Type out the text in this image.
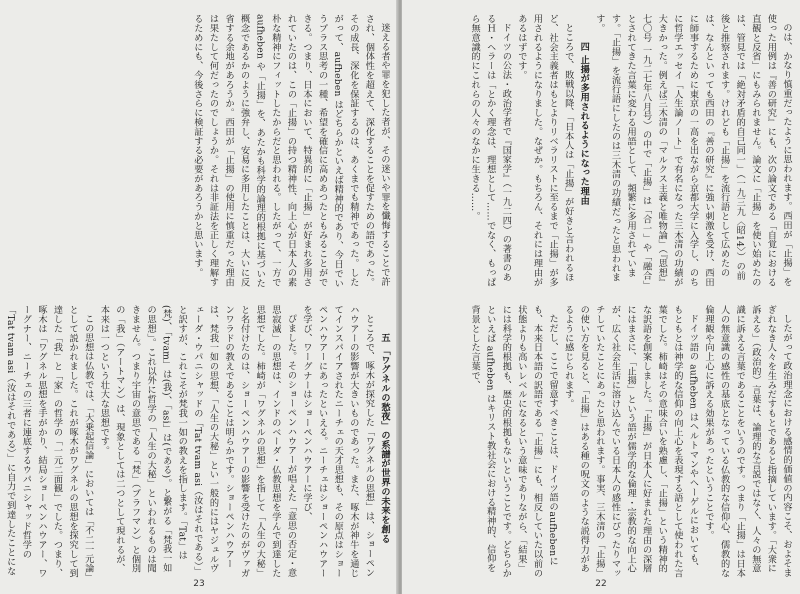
迷える者や罪を犯した者が、その迷いや罪を懺悔することで許され、個体性を超えて、深化することを促すための語であった。その成長、深化を保証するのは、あくまでも精神であった。したがって、aufheben はどちらかといえば精神的であり、今日でいうプラス思考の一種、希望を確信に高めあつたともみることができる。つまり、日本において、特異的に「止揚」が好まれ多用されていたのは、この「止揚」の持つ精神性、向上心が日本人の素朴な精神にフィットしたからだと思われる。したがって、一方で aufheben や「止揚」を、あたかも科学的論理的根拠に基づいた概念であるかのように強弁し、安易に多用したことは、大いに反省する余地があろうか。西田が「止揚」の使用に慎重だった理由は果たして何だったのでしょうか。それは非証法を正しく理解するためにも、今後さらに検証する必要があろうかと思います。

五 「ワグネルの愁夜」の系譜が世界の未来を創る

ところで、啄木が探究した「ワグネルの思想」は、ショーペンハウアーの影響が大きいものであった。また、啄木が神牛を通じてインスパイアされたニーチェの天才思想も、その原点はショーペンハウアーにあったといえる。ニーチェはショーペンハウアーを学び、ワーグナーはショーペンハウアーに学び、

ぴました。そのショーペンハウアーが唱えた「意思の否定・意思寂滅」の思想は、インドのベーダ・仏教思想を学んで到達した思想でした。柿崎が「ワグネルの思想」を指して「人生の大秘」と名付けたのは、ショーペンハウアーの影響を受けたのがヴァガンワラドの教えであることは明らかです。ショーペンハウアーは、梵我一如の思想、「人生の大秘」とい一般的にはヤジュルヴェーダ・ウパニシャッドの「Tat tvam asi（汝はそれである）」と訳すが、これこそが梵我一如の教えを指します。「Tat」は(梵)、「tvam」は(我)、「asi」は(である)。と繋がる「梵我一如の思想」。これ以外に哲学の「人生の大秘」といわれるものは聞きません。つまり宇宙の意思である「梵」（ブラフマン）と個別の「我」（アートマン）は、現象としては二つとして現れるが、本来は一つという壮大な思想です。

この思想は仏教では、「大乗起信論」においては「不二一元論」として説かれました。これが啄木がワグネルの思想を探究して到達した「我」と「家」の哲学の「一元二面観」でした。つまり、啄木は「ワグネル思想を手がかり、結局ショーペンハウアー、ワーグナー、ニーチェの三者に連底するウパニシャッド哲学の「Tat tvam asi（汝はそれである）」に自力で到達したことにな

23

のは、かなり慎重だったように思われます。西田が「止揚」を使った用例は『善の研究』にも、次の論文である「自覚における直観と反省」にもみられません。論文に「止揚」を使い始めたのは、管見では「絶対矛盾的自己同一」（一九三九〈昭14〉）の前後と推察されます。けれども「止揚」を流行語として広めたのは、なんといっても西田の『善の研究』に強い刺激を受け、西田に師事するために東京の一高を出ながら京都大学に入学し、のちに哲学エッセイ「人生論ノート」で有名になった三木清の功績が大きかった。例えば三木清の「マルクス主義と唯物論」（『思想』七〇号 一九二七年八月号）の中で「止揚」は「合一」や「融合」とされてきた言葉に変わる用語として、頻繁に多用されています。「止揚」を流行語にしたのは三木清の功績だったと思われます。

四 止揚が多用されるようになった理由

ところで、敗戦以降、「日本人は「止揚」が好きと言われるほど、社会主義者はもとよりリベラリストに至るまで「止揚」が多用されるようになりました。なぜか。もちろん、それには理由があるはずです。

ドイツの公法・政治学者で『国家学』（一九二四）の著書のあるＨ・ヘラーは「とかく理念は、理想として……でなく、もっぱら無意識的にこれらの人々のなかに生きる……。

したがって政治理念における感情的価値の内容こそ、およそまぎれなき人々を生みだすもとであると指摘しています。「大衆に訴える」（政治的）言葉は、論理的な言説ではなく、人々の無意識に訴える言葉であることをいうのです。つまり「止揚」は日本人の無意識の感性の基底となっている仏教的な信仰心、儒教的な倫理観や向上心に訴える効果があったということです。

ドイツ語の aufheben はヘルトマンやヘーゲルにおいても、もともとは神学的な信仰の向上心を表現する語として使われた言葉でした。柿崎はその意味合いを熟慮し、「止揚」という精神的な訳語を創案しました。「止揚」が日本人に好まれた理由の深層にはまさに、「止揚」という語が儒学的な倫理・宗教的な向上心が、広く社会生活に溶け込んでいる日本人の感性にぴったりマッチしていたことにあったと思われます。事実、三木清の「止揚」の使い方を見ると、「止揚」はある種の呪文のような説得力があるように感じられます。

ただし、ここで留意すべきことは、ドイツ語のaufhebenにも、本来日本語の訳語である「止揚」にも、相反していた以前の状態よりも高いレベルになるという意味でありながら、「結果」には科学的根拠も、歴史的根拠もないということです。どちらかといえば aufheben はキリスト教社会における精神的、信仰を背景とした言葉で、

22
